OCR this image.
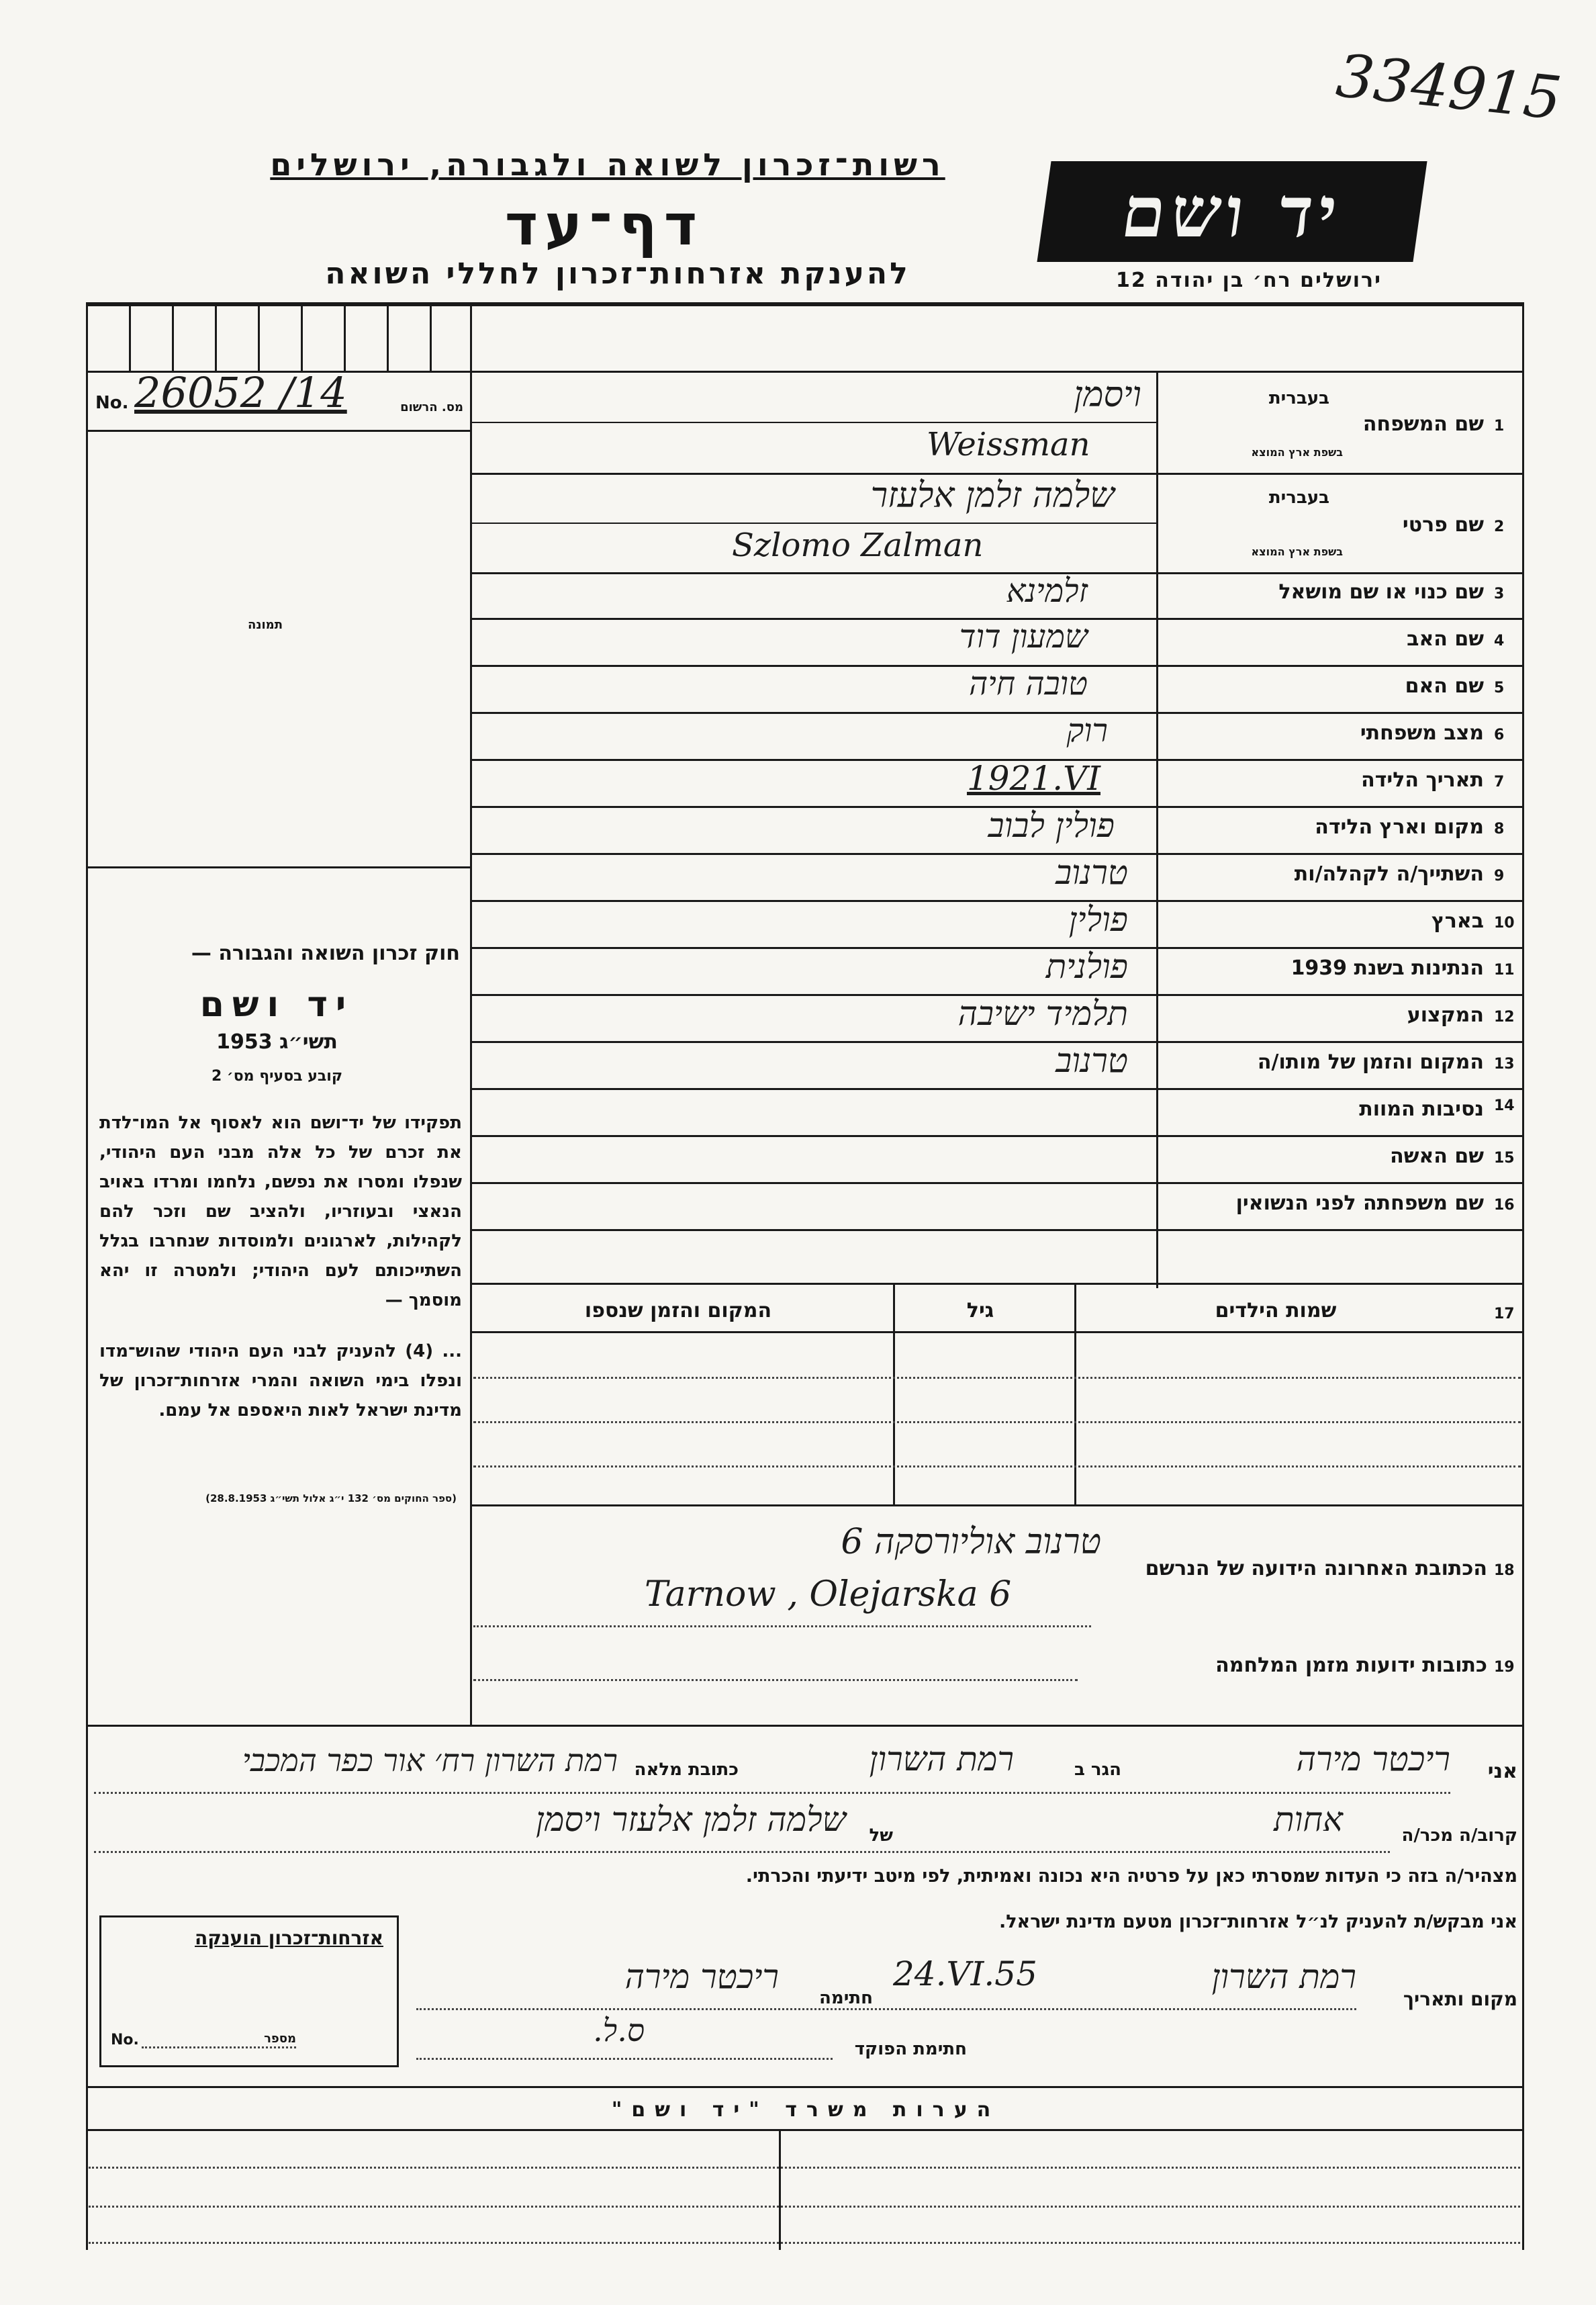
334915
רשות־זכרון לשואה ולגבורה, ירושלים
דף־עד
להענקת אזרחות־זכרון לחללי השואה
יד ושם
ירושלים רח׳ בן יהודה 12
No. 26052 /14	מס. הרשום
תמונה
חוק זכרון השואה והגבורה —
יד ושם
תשי״ג 1953
קובע בסעיף מס׳ 2
תפקידו של יד־ושם הוא לאסוף אל המו־לדת את זכרם של כל אלה מבני העם היהודי, שנפלו ומסרו את נפשם, נלחמו ומרדו באויב הנאצי ובעוזריו, ולהציב שם וזכר להם לקהילות, לארגונים ולמוסדות שנחרבו בגלל השתייכותם לעם היהודי; ולמטרה זו יהא מוסמך —
... (4) להעניק לבני העם היהודי שהוש־מדו ונפלו בימי השואה והמרי אזרחות־זכרון של מדינת ישראל לאות היאספם אל עמם.
(ספר החוקים מס׳ 132 י״ג אלול תשי״ג 28.8.1953)
1
בעברית
שם המשפחה
בשפת ארץ המוצא
ויסמן
Weissman
2
בעברית
שם פרטי
בשפת ארץ המוצא
שלמה זלמן אלעזר
Szlomo Zalman
3
שם כנוי או שם מושאל
זלמינא
4
שם האב
שמעון דוד
5
שם האם
טובה חיה
6
מצב משפחתי
רוק
7
תאריך הלידה
1921.VI
8
מקום וארץ הלידה
פולין לבוב
9
השתייך/ה לקהלה/ות
טרנוב
10
בארץ
פולין
11
הנתינות בשנת 1939
פולנית
12
המקצוע
תלמיד ישיבה
13
המקום והזמן של מותו/ה
טרנוב
14
נסיבות המוות
15
שם האשה
16
שם משפחתה לפני הנשואין
17
שמות הילדים
גיל
המקום והזמן שנספו
18
הכתובת האחרונה הידועה של הנרשם
טרנוב אוליורסקה 6
Tarnow , Olejarska 6
19
כתובות ידועות מזמן המלחמה
אני
ריכטר מירה
הגר ב
רמת השרון
כתובת מלאה
רמת השרון רח׳ אור כפר המכבי
קרוב/ה מכר/ה
אחות
של
שלמה זלמן אלעזר ויסמן
מצהיר/ה בזה כי העדות שמסרתי כאן על פרטיה היא נכונה ואמיתית, לפי מיטב ידיעתי והכרתי.
אני מבקש/ת להעניק לנ״ל אזרחות־זכרון מטעם מדינת ישראל.
אזרחות־זכרון הוענקה
No.	מספר
מקום ותאריך
רמת השרון
24.VI.55
חתימה
ריכטר מירה
חתימת הפוקד
ס.ל.
הערות משרד "יד ושם"
